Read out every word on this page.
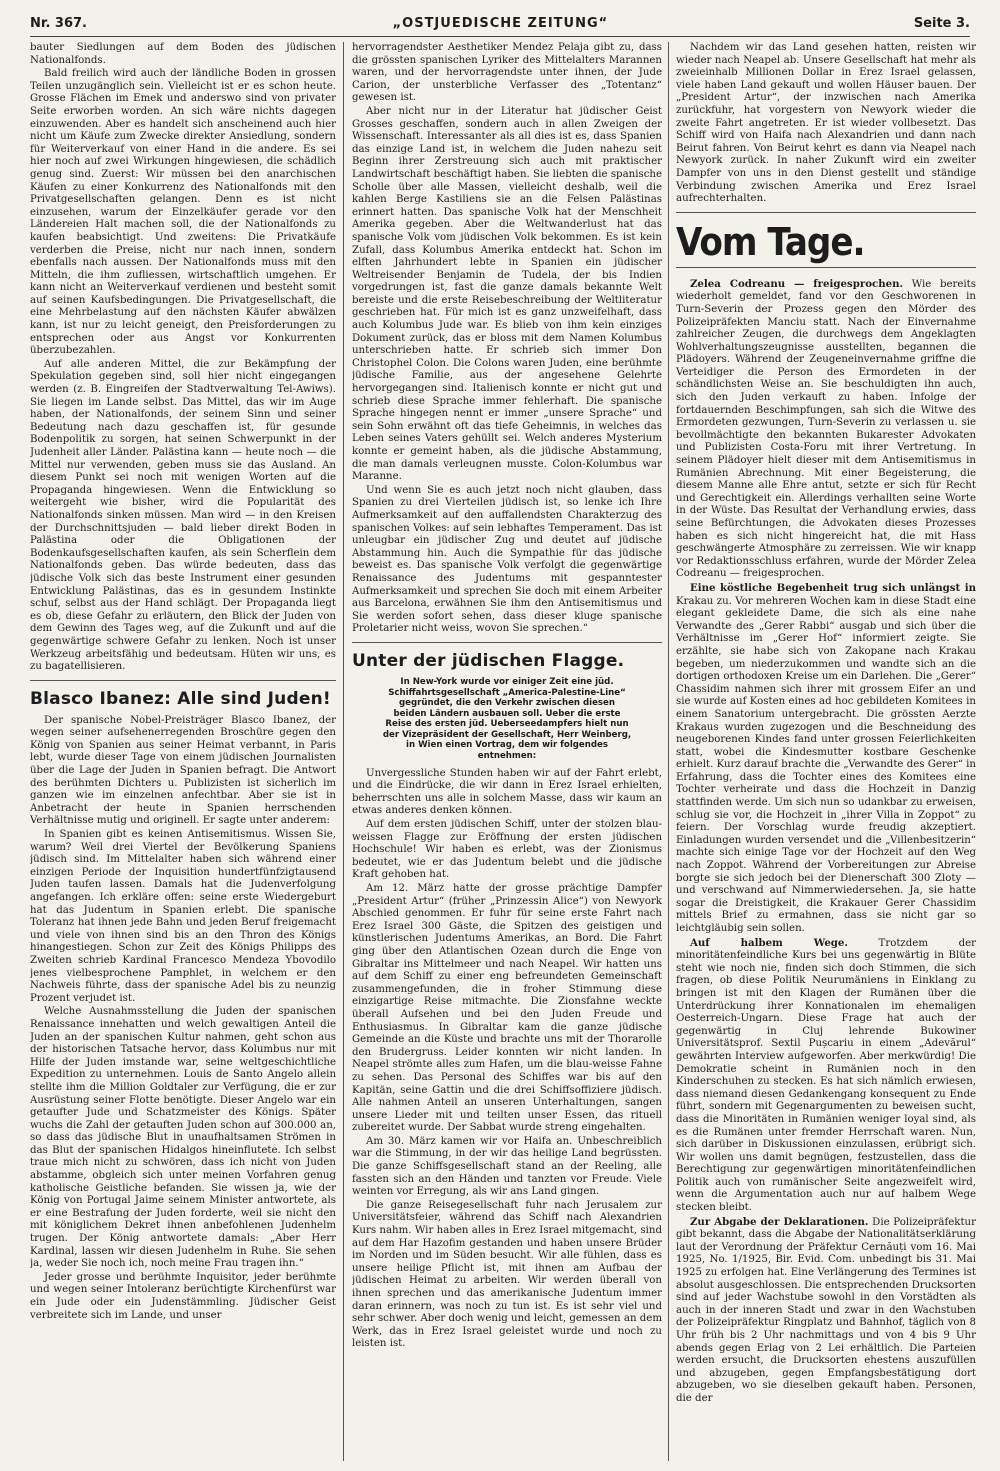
Nr. 367.	„OSTJUEDISCHE ZEITUNG“	Seite 3.

bauter Siedlungen auf dem Boden des jüdischen Nationalfonds.

Bald freilich wird auch der ländliche Boden in grossen Teilen unzugänglich sein. Vielleicht ist er es schon heute. Grosse Flächen im Emek und anderswo sind von privater Seite erworben worden. An sich wäre nichts dagegen einzuwenden. Aber es handelt sich anscheinend auch hier nicht um Käufe zum Zwecke direkter Ansiedlung, sondern für Weiterverkauf von einer Hand in die andere. Es sei hier noch auf zwei Wirkungen hingewiesen, die schädlich genug sind. Zuerst: Wir müssen bei den anarchischen Käufen zu einer Konkurrenz des Nationalfonds mit den Privatgesellschaften gelangen. Denn es ist nicht einzusehen, warum der Einzelkäufer gerade vor den Ländereien Halt machen soll, die der Nationalfonds zu kaufen beabsichtigt. Und zweitens: Die Privatkäufe verderben die Preise, nicht nur nach innen, sondern ebenfalls nach aussen. Der Nationalfonds muss mit den Mitteln, die ihm zufliessen, wirtschaftlich umgehen. Er kann nicht an Weiterverkauf verdienen und besteht somit auf seinen Kaufsbedingungen. Die Privatgesellschaft, die eine Mehrbelastung auf den nächsten Käufer abwälzen kann, ist nur zu leicht geneigt, den Preisforderungen zu entsprechen oder aus Angst vor Konkurrenten überzubezahlen.

Auf alle anderen Mittel, die zur Bekämpfung der Spekulation gegeben sind, soll hier nicht eingegangen werden (z. B. Eingreifen der Stadtverwaltung Tel-Awiws). Sie liegen im Lande selbst. Das Mittel, das wir im Auge haben, der Nationalfonds, der seinem Sinn und seiner Bedeutung nach dazu geschaffen ist, für gesunde Bodenpolitik zu sorgen, hat seinen Schwerpunkt in der Judenheit aller Länder. Palästina kann — heute noch — die Mittel nur verwenden, geben muss sie das Ausland. An diesem Punkt sei noch mit wenigen Worten auf die Propaganda hingewiesen. Wenn die Entwicklung so weitergeht wie bisher, wird die Popularität des Nationalfonds sinken müssen. Man wird — in den Kreisen der Durchschnittsjuden — bald lieber direkt Boden in Palästina oder die Obligationen der Bodenkaufsgesellschaften kaufen, als sein Scherflein dem Nationalfonds geben. Das würde bedeuten, dass das jüdische Volk sich das beste Instrument einer gesunden Entwicklung Palästinas, das es in gesundem Instinkte schuf, selbst aus der Hand schlägt. Der Propaganda liegt es ob, diese Gefahr zu erläutern, den Blick der Juden von dem Gewinn des Tages weg, auf die Zukunft und auf die gegenwärtige schwere Gefahr zu lenken. Noch ist unser Werkzeug arbeitsfähig und bedeutsam. Hüten wir uns, es zu bagatellisieren.

Blasco Ibanez: Alle sind Juden!

Der spanische Nobel-Preisträger Blasco Ibanez, der wegen seiner aufsehenerregenden Broschüre gegen den König von Spanien aus seiner Heimat verbannt, in Paris lebt, wurde dieser Tage von einem jüdischen Journalisten über die Lage der Juden in Spanien befragt. Die Antwort des berühmten Dichters u. Publizisten ist sicherlich im ganzen wie im einzelnen anfechtbar. Aber sie ist in Anbetracht der heute in Spanien herrschenden Verhältnisse mutig und originell. Er sagte unter anderem:

In Spanien gibt es keinen Antisemitismus. Wissen Sie, warum? Weil drei Viertel der Bevölkerung Spaniens jüdisch sind. Im Mittelalter haben sich während einer einzigen Periode der Inquisition hundertfünfzigtausend Juden taufen lassen. Damals hat die Judenverfolgung angefangen. Ich erkläre offen: seine erste Wiedergeburt hat das Judentum in Spanien erlebt. Die spanische Toleranz hat ihnen jede Bahn und jeden Beruf freigemacht und viele von ihnen sind bis an den Thron des Königs hinangestiegen. Schon zur Zeit des Königs Philipps des Zweiten schrieb Kardinal Francesco Mendeza Ybovodilo jenes vielbesprochene Pamphlet, in welchem er den Nachweis führte, dass der spanische Adel bis zu neunzig Prozent verjudet ist.

Welche Ausnahmsstellung die Juden der spanischen Renaissance innehatten und welch gewaltigen Anteil die Juden an der spanischen Kultur nahmen, geht schon aus der historischen Tatsache hervor, dass Kolumbus nur mit Hilfe der Juden imstande war, seine weltgeschichtliche Expedition zu unternehmen. Louis de Santo Angelo allein stellte ihm die Million Goldtaler zur Verfügung, die er zur Ausrüstung seiner Flotte benötigte. Dieser Angelo war ein getaufter Jude und Schatzmeister des Königs. Später wuchs die Zahl der getauften Juden schon auf 300.000 an, so dass das jüdische Blut in unaufhaltsamen Strömen in das Blut der spanischen Hidalgos hineinflutete. Ich selbst traue mich nicht zu schwören, dass ich nicht von Juden abstamme, obgleich sich unter meinen Vorfahren genug katholische Geistliche befanden. Sie wissen ja, wie der König von Portugal Jaime seinem Minister antwortete, als er eine Bestrafung der Juden forderte, weil sie nicht den mit königlichem Dekret ihnen anbefohlenen Judenhelm trugen. Der König antwortete damals: „Aber Herr Kardinal, lassen wir diesen Judenhelm in Ruhe. Sie sehen ja, weder Sie noch ich, noch meine Frau tragen ihn.“

Jeder grosse und berühmte Inquisitor, jeder berühmte und wegen seiner Intoleranz berüchtigte Kirchenfürst war ein Jude oder ein Judenstämmling. Jüdischer Geist verbreitete sich im Lande, und unser

hervorragendster Aesthetiker Mendez Pelaja gibt zu, dass die grössten spanischen Lyriker des Mittelalters Marannen waren, und der hervorragendste unter ihnen, der Jude Carion, der unsterbliche Verfasser des „Totentanz“ gewesen ist.

Aber nicht nur in der Literatur hat jüdischer Geist Grosses geschaffen, sondern auch in allen Zweigen der Wissenschaft. Interessanter als all dies ist es, dass Spanien das einzige Land ist, in welchem die Juden nahezu seit Beginn ihrer Zerstreuung sich auch mit praktischer Landwirtschaft beschäftigt haben. Sie liebten die spanische Scholle über alle Massen, vielleicht deshalb, weil die kahlen Berge Kastiliens sie an die Felsen Palästinas erinnert hatten. Das spanische Volk hat der Menschheit Amerika gegeben. Aber die Weltwanderlust hat das spanische Volk vom jüdischen Volk bekommen. Es ist kein Zufall, dass Kolumbus Amerika entdeckt hat. Schon im elften Jahrhundert lebte in Spanien ein jüdischer Weltreisender Benjamin de Tudela, der bis Indien vorgedrungen ist, fast die ganze damals bekannte Welt bereiste und die erste Reisebeschreibung der Weltliteratur geschrieben hat. Für mich ist es ganz unzweifelhaft, dass auch Kolumbus Jude war. Es blieb von ihm kein einziges Dokument zurück, das er bloss mit dem Namen Kolumbus unterschrieben hatte. Er schrieb sich immer Don Christophel Colon. Die Colons waren Juden, eine berühmte jüdische Familie, aus der angesehene Gelehrte hervorgegangen sind. Italienisch konnte er nicht gut und schrieb diese Sprache immer fehlerhaft. Die spanische Sprache hingegen nennt er immer „unsere Sprache“ und sein Sohn erwähnt oft das tiefe Geheimnis, in welches das Leben seines Vaters gehüllt sei. Welch anderes Mysterium konnte er gemeint haben, als die jüdische Abstammung, die man damals verleugnen musste. Colon-Kolumbus war Maranne.

Und wenn Sie es auch jetzt noch nicht glauben, dass Spanien zu drei Vierteilen jüdisch ist, so lenke ich Ihre Aufmerksamkeit auf den auffallendsten Charakterzug des spanischen Volkes: auf sein lebhaftes Temperament. Das ist unleugbar ein jüdischer Zug und deutet auf jüdische Abstammung hin. Auch die Sympathie für das jüdische beweist es. Das spanische Volk verfolgt die gegenwärtige Renaissance des Judentums mit gespanntester Aufmerksamkeit und sprechen Sie doch mit einem Arbeiter aus Barcelona, erwähnen Sie ihm den Antisemitismus und Sie werden sofort sehen, dass dieser kluge spanische Proletarier nicht weiss, wovon Sie sprechen.“

Unter der jüdischen Flagge.
In New-York wurde vor einiger Zeit eine jüd. Schiffahrtsgesellschaft „America-Palestine-Line“ gegründet, die den Verkehr zwischen diesen beiden Ländern ausbauen soll. Ueber die erste Reise des ersten jüd. Ueberseedampfers hielt nun der Vizepräsident der Gesellschaft, Herr Weinberg, in Wien einen Vortrag, dem wir folgendes entnehmen:

Unvergessliche Stunden haben wir auf der Fahrt erlebt, und die Eindrücke, die wir dann in Erez Israel erhielten, beherrschten uns alle in solchem Masse, dass wir kaum an etwas anderes denken können.

Auf dem ersten jüdischen Schiff, unter der stolzen blau-weissen Flagge zur Eröffnung der ersten jüdischen Hochschule! Wir haben es erlebt, was der Zionismus bedeutet, wie er das Judentum belebt und die jüdische Kraft gehoben hat.

Am 12. März hatte der grosse prächtige Dampfer „President Artur“ (früher „Prinzessin Alice“) von Newyork Abschied genommen. Er fuhr für seine erste Fahrt nach Erez Israel 300 Gäste, die Spitzen des geistigen und künstlerischen Judentums Amerikas, an Bord. Die Fahrt ging über den Atlantischen Ozean durch die Enge von Gibraltar ins Mittelmeer und nach Neapel. Wir hatten uns auf dem Schiff zu einer eng befreundeten Gemeinschaft zusammengefunden, die in froher Stimmung diese einzigartige Reise mitmachte. Die Zionsfahne weckte überall Aufsehen und bei den Juden Freude und Enthusiasmus. In Gibraltar kam die ganze jüdische Gemeinde an die Küste und brachte uns mit der Thorarolle den Brudergruss. Leider konnten wir nicht landen. In Neapel strömte alles zum Hafen, um die blau-weisse Fahne zu sehen. Das Personal des Schiffes war bis auf den Kapitän, seine Gattin und die drei Schiffsoffiziere jüdisch. Alle nahmen Anteil an unseren Unterhaltungen, sangen unsere Lieder mit und teilten unser Essen, das rituell zubereitet wurde. Der Sabbat wurde streng eingehalten.

Am 30. März kamen wir vor Haifa an. Unbeschreiblich war die Stimmung, in der wir das heilige Land begrüssten. Die ganze Schiffsgesellschaft stand an der Reeling, alle fassten sich an den Händen und tanzten vor Freude. Viele weinten vor Erregung, als wir ans Land gingen.

Die ganze Reisegesellschaft fuhr nach Jerusalem zur Universitätsfeier, während das Schiff nach Alexandrien Kurs nahm. Wir haben alles in Erez Israel mitgemacht, sind auf dem Har Hazofim gestanden und haben unsere Brüder im Norden und im Süden besucht. Wir alle fühlen, dass es unsere heilige Pflicht ist, mit ihnen am Aufbau der jüdischen Heimat zu arbeiten. Wir werden überall von ihnen sprechen und das amerikanische Judentum immer daran erinnern, was noch zu tun ist. Es ist sehr viel und sehr schwer. Aber doch wenig und leicht, gemessen an dem Werk, das in Erez Israel geleistet wurde und noch zu leisten ist.

Nachdem wir das Land gesehen hatten, reisten wir wieder nach Neapel ab. Unsere Gesellschaft hat mehr als zweieinhalb Millionen Dollar in Erez Israel gelassen, viele haben Land gekauft und wollen Häuser bauen. Der „President Artur“, der inzwischen nach Amerika zurückfuhr, hat vorgestern von Newyork wieder die zweite Fahrt angetreten. Er ist wieder vollbesetzt. Das Schiff wird von Haifa nach Alexandrien und dann nach Beirut fahren. Von Beirut kehrt es dann via Neapel nach Newyork zurück. In naher Zukunft wird ein zweiter Dampfer von uns in den Dienst gestellt und ständige Verbindung zwischen Amerika und Erez Israel aufrechterhalten.

Vom Tage.

Zelea Codreanu — freigesprochen. Wie bereits wiederholt gemeldet, fand vor den Geschworenen in Turn-Severin der Prozess gegen den Mörder des Polizeipräfekten Manciu statt. Nach der Einvernahme zahlreicher Zeugen, die durchwegs dem Angeklagten Wohlverhaltungszeugnisse ausstellten, begannen die Plädoyers. Während der Zeugeneinvernahme griffne die Verteidiger die Person des Ermordeten in der schändlichsten Weise an. Sie beschuldigten ihn auch, sich den Juden verkauft zu haben. Infolge der fortdauernden Beschimpfungen, sah sich die Witwe des Ermordeten gezwungen, Turn-Severin zu verlassen u. sie bevollmächtigte den bekannten Bukarester Advokaten und Publizisten Costa-Foru mit ihrer Vertretung. In seinem Plädoyer hielt dieser mit dem Antisemitismus in Rumänien Abrechnung. Mit einer Begeisterung, die diesem Manne alle Ehre antut, setzte er sich für Recht und Gerechtigkeit ein. Allerdings verhallten seine Worte in der Wüste. Das Resultat der Verhandlung erwies, dass seine Befürchtungen, die Advokaten dieses Prozesses haben es sich nicht hingereicht hat, die mit Hass geschwängerte Atmosphäre zu zerreissen. Wie wir knapp vor Redaktionsschluss erfahren, wurde der Mörder Zelea Codreanu — freigesprochen.

Eine köstliche Begebenheit trug sich unlängst in Krakau zu. Vor mehreren Wochen kam in diese Stadt eine elegant gekleidete Dame, die sich als eine nahe Verwandte des „Gerer Rabbi“ ausgab und sich über die Verhältnisse im „Gerer Hof“ informiert zeigte. Sie erzählte, sie habe sich von Zakopane nach Krakau begeben, um niederzukommen und wandte sich an die dortigen orthodoxen Kreise um ein Darlehen. Die „Gerer“ Chassidim nahmen sich ihrer mit grossem Eifer an und sie wurde auf Kosten eines ad hoc gebildeten Komitees in einem Sanatorium untergebracht. Die grössten Aerzte Krakaus wurden zugezogen und die Beschneidung des neugeborenen Kindes fand unter grossen Feierlichkeiten statt, wobei die Kindesmutter kostbare Geschenke erhielt. Kurz darauf brachte die „Verwandte des Gerer“ in Erfahrung, dass die Tochter eines des Komitees eine Tochter verheirate und dass die Hochzeit in Danzig stattfinden werde. Um sich nun so udankbar zu erweisen, schlug sie vor, die Hochzeit in „ihrer Villa in Zoppot“ zu feiern. Der Vorschlag wurde freudig akzeptiert. Einladungen wurden versendet und die „Villenbesitzerin“ machte sich einige Tage vor der Hochzeit auf den Weg nach Zoppot. Während der Vorbereitungen zur Abreise borgte sie sich jedoch bei der Dienerschaft 300 Zloty — und verschwand auf Nimmerwiedersehen. Ja, sie hatte sogar die Dreistigkeit, die Krakauer Gerer Chassidim mittels Brief zu ermahnen, dass sie nicht gar so leichtgläubig sein sollen.

Auf halbem Wege.	Trotzdem der minoritätenfeindliche Kurs bei uns gegenwärtig in Blüte steht wie noch nie, finden sich doch Stimmen, die sich fragen, ob diese Politik Neurumäniens in Einklang zu bringen ist mit den Klagen der Rumänen über die Unterdrückung ihrer Konnationalen im ehemaligen Oesterreich-Ungarn. Diese Frage hat auch der gegenwärtig in Cluj lehrende Bukowiner Universitätsprof. Sextil Pușcariu in einem „Adevărul“ gewährten Interview aufgeworfen. Aber merkwürdig! Die Demokratie scheint in Rumänien noch in den Kinderschuhen zu stecken. Es hat sich nämlich erwiesen, dass niemand diesen Gedankengang konsequent zu Ende führt, sondern mit Gegenargumenten zu beweisen sucht, dass die Minoritäten in Rumänien weniger loyal sind, als es die Rumänen unter fremder Herrschaft waren. Nun, sich darüber in Diskussionen einzulassen, erübrigt sich. Wir wollen uns damit begnügen, festzustellen, dass die Berechtigung zur gegenwärtigen minoritätenfeindlichen Politik auch von rumänischer Seite angezweifelt wird, wenn die Argumentation auch nur auf halbem Wege stecken bleibt.

Zur Abgabe der Deklarationen. Die Polizeipräfektur gibt bekannt, dass die Abgabe der Nationalitätserklärung laut der Verordnung der Präfektur Cernăuți vom 16. Mai 1925, No. 1/1925, Bir. Evid. Com. unbedingt bis 31. Mai 1925 zu erfolgen hat. Eine Verlängerung des Termines ist absolut ausgeschlossen. Die entsprechenden Drucksorten sind auf jeder Wachstube sowohl in den Vorstädten als auch in der inneren Stadt und zwar in den Wachstuben der Polizeipräfektur Ringplatz und Bahnhof, täglich von 8 Uhr früh bis 2 Uhr nachmittags und von 4 bis 9 Uhr abends gegen Erlag von 2 Lei erhältlich. Die Parteien werden ersucht, die Drucksorten ehestens auszufüllen und abzugeben, gegen Empfangsbestätigung dort abzugeben, wo sie dieselben gekauft haben. Personen, die der
